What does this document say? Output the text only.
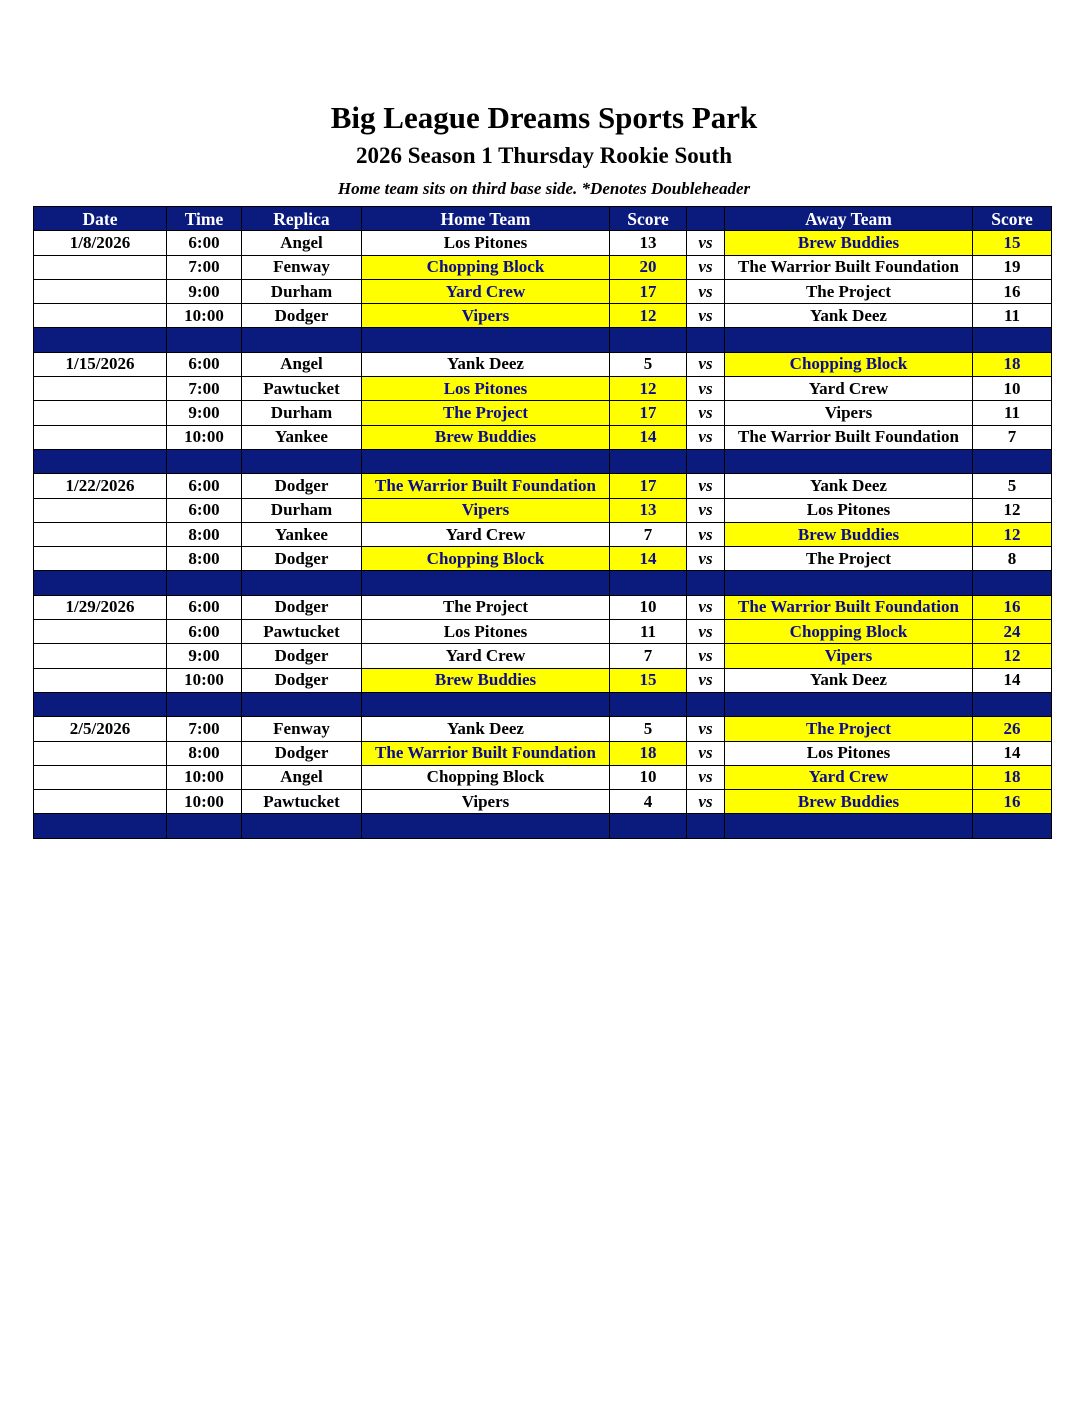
Big League Dreams Sports Park
2026 Season 1 Thursday Rookie South
Home team sits on third base side. *Denotes Doubleheader
Date	Time	Replica	Home Team	Score		Away Team	Score
1/8/2026	6:00	Angel	Los Pitones	13	vs	Brew Buddies	15
	7:00	Fenway	Chopping Block	20	vs	The Warrior Built Foundation	19
	9:00	Durham	Yard Crew	17	vs	The Project	16
	10:00	Dodger	Vipers	12	vs	Yank Deez	11

1/15/2026	6:00	Angel	Yank Deez	5	vs	Chopping Block	18
	7:00	Pawtucket	Los Pitones	12	vs	Yard Crew	10
	9:00	Durham	The Project	17	vs	Vipers	11
	10:00	Yankee	Brew Buddies	14	vs	The Warrior Built Foundation	7

1/22/2026	6:00	Dodger	The Warrior Built Foundation	17	vs	Yank Deez	5
	6:00	Durham	Vipers	13	vs	Los Pitones	12
	8:00	Yankee	Yard Crew	7	vs	Brew Buddies	12
	8:00	Dodger	Chopping Block	14	vs	The Project	8

1/29/2026	6:00	Dodger	The Project	10	vs	The Warrior Built Foundation	16
	6:00	Pawtucket	Los Pitones	11	vs	Chopping Block	24
	9:00	Dodger	Yard Crew	7	vs	Vipers	12
	10:00	Dodger	Brew Buddies	15	vs	Yank Deez	14

2/5/2026	7:00	Fenway	Yank Deez	5	vs	The Project	26
	8:00	Dodger	The Warrior Built Foundation	18	vs	Los Pitones	14
	10:00	Angel	Chopping Block	10	vs	Yard Crew	18
	10:00	Pawtucket	Vipers	4	vs	Brew Buddies	16
